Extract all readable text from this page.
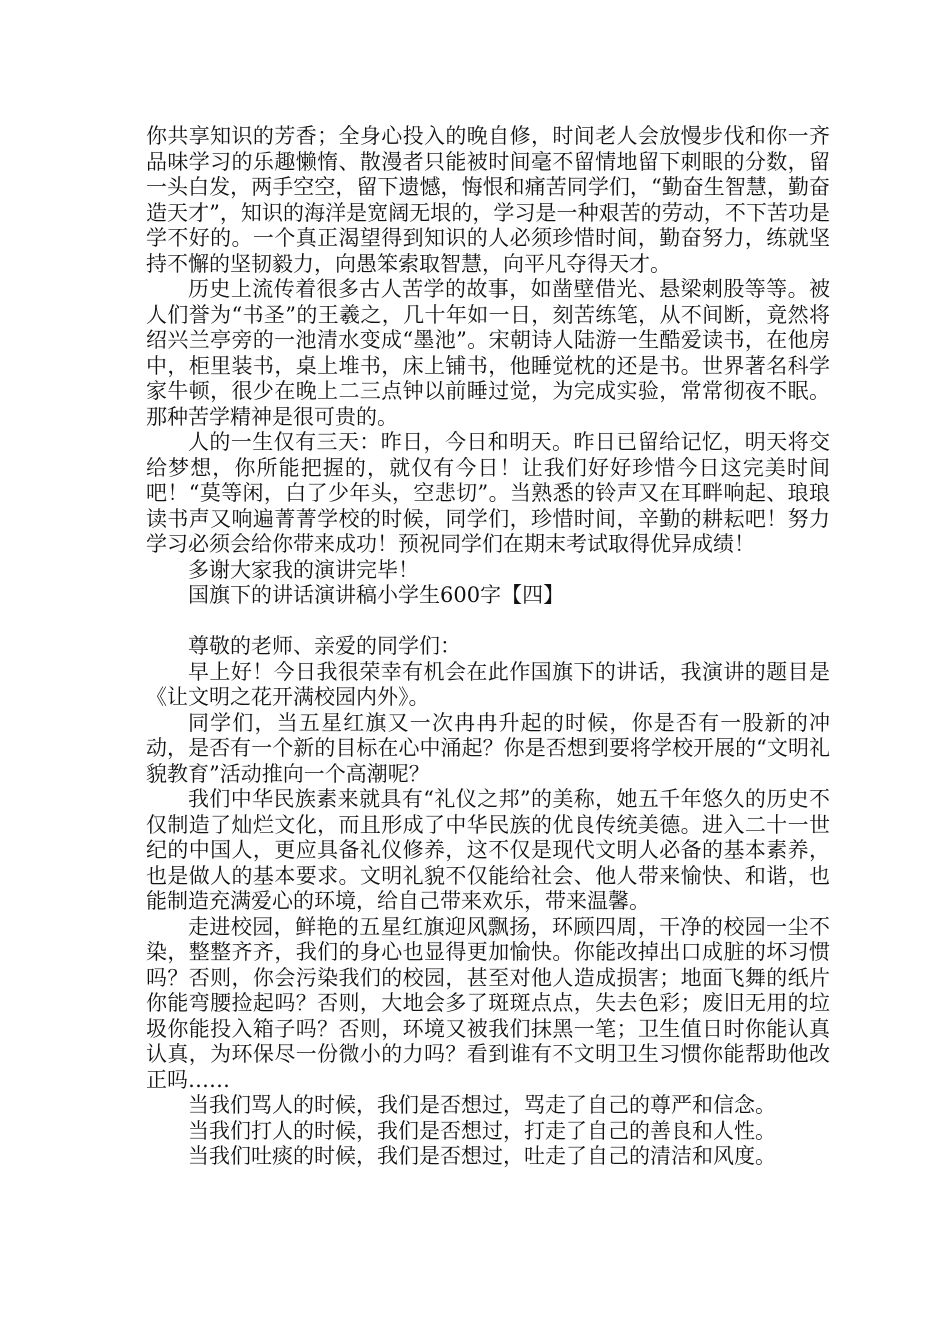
你共享知识的芳香；全身心投入的晚自修，时间老人会放慢步伐和你一齐品味学习的乐趣懒惰、散漫者只能被时间毫不留情地留下刺眼的分数，留一头白发，两手空空，留下遗憾，悔恨和痛苦同学们，“勤奋生智慧，勤奋造天才”，知识的海洋是宽阔无垠的，学习是一种艰苦的劳动，不下苦功是学不好的。一个真正渴望得到知识的人必须珍惜时间，勤奋努力，练就坚持不懈的坚韧毅力，向愚笨索取智慧，向平凡夺得天才。

历史上流传着很多古人苦学的故事，如凿壁借光、悬梁刺股等等。被人们誉为“书圣”的王羲之，几十年如一日，刻苦练笔，从不间断，竟然将绍兴兰亭旁的一池清水变成“墨池”。宋朝诗人陆游一生酷爱读书，在他房中，柜里装书，桌上堆书，床上铺书，他睡觉枕的还是书。世界著名科学家牛顿，很少在晚上二三点钟以前睡过觉，为完成实验，常常彻夜不眠。那种苦学精神是很可贵的。

人的一生仅有三天：昨日，今日和明天。昨日已留给记忆，明天将交给梦想，你所能把握的，就仅有今日！让我们好好珍惜今日这完美时间吧！“莫等闲，白了少年头，空悲切”。当熟悉的铃声又在耳畔响起、琅琅读书声又响遍菁菁学校的时候，同学们，珍惜时间，辛勤的耕耘吧！努力学习必须会给你带来成功！预祝同学们在期末考试取得优异成绩！

多谢大家我的演讲完毕！

国旗下的讲话演讲稿小学生600字【四】

尊敬的老师、亲爱的同学们：

早上好！今日我很荣幸有机会在此作国旗下的讲话，我演讲的题目是《让文明之花开满校园内外》。

同学们，当五星红旗又一次冉冉升起的时候，你是否有一股新的冲动，是否有一个新的目标在心中涌起？你是否想到要将学校开展的“文明礼貌教育”活动推向一个高潮呢？

我们中华民族素来就具有“礼仪之邦”的美称，她五千年悠久的历史不仅制造了灿烂文化，而且形成了中华民族的优良传统美德。进入二十一世纪的中国人，更应具备礼仪修养，这不仅是现代文明人必备的基本素养，也是做人的基本要求。文明礼貌不仅能给社会、他人带来愉快、和谐，也能制造充满爱心的环境，给自己带来欢乐，带来温馨。

走进校园，鲜艳的五星红旗迎风飘扬，环顾四周，干净的校园一尘不染，整整齐齐，我们的身心也显得更加愉快。你能改掉出口成脏的坏习惯吗？否则，你会污染我们的校园，甚至对他人造成损害；地面飞舞的纸片你能弯腰捡起吗？否则，大地会多了斑斑点点，失去色彩；废旧无用的垃圾你能投入箱子吗？否则，环境又被我们抹黑一笔；卫生值日时你能认真认真，为环保尽一份微小的力吗？看到谁有不文明卫生习惯你能帮助他改正吗……

当我们骂人的时候，我们是否想过，骂走了自己的尊严和信念。

当我们打人的时候，我们是否想过，打走了自己的善良和人性。

当我们吐痰的时候，我们是否想过，吐走了自己的清洁和风度。
